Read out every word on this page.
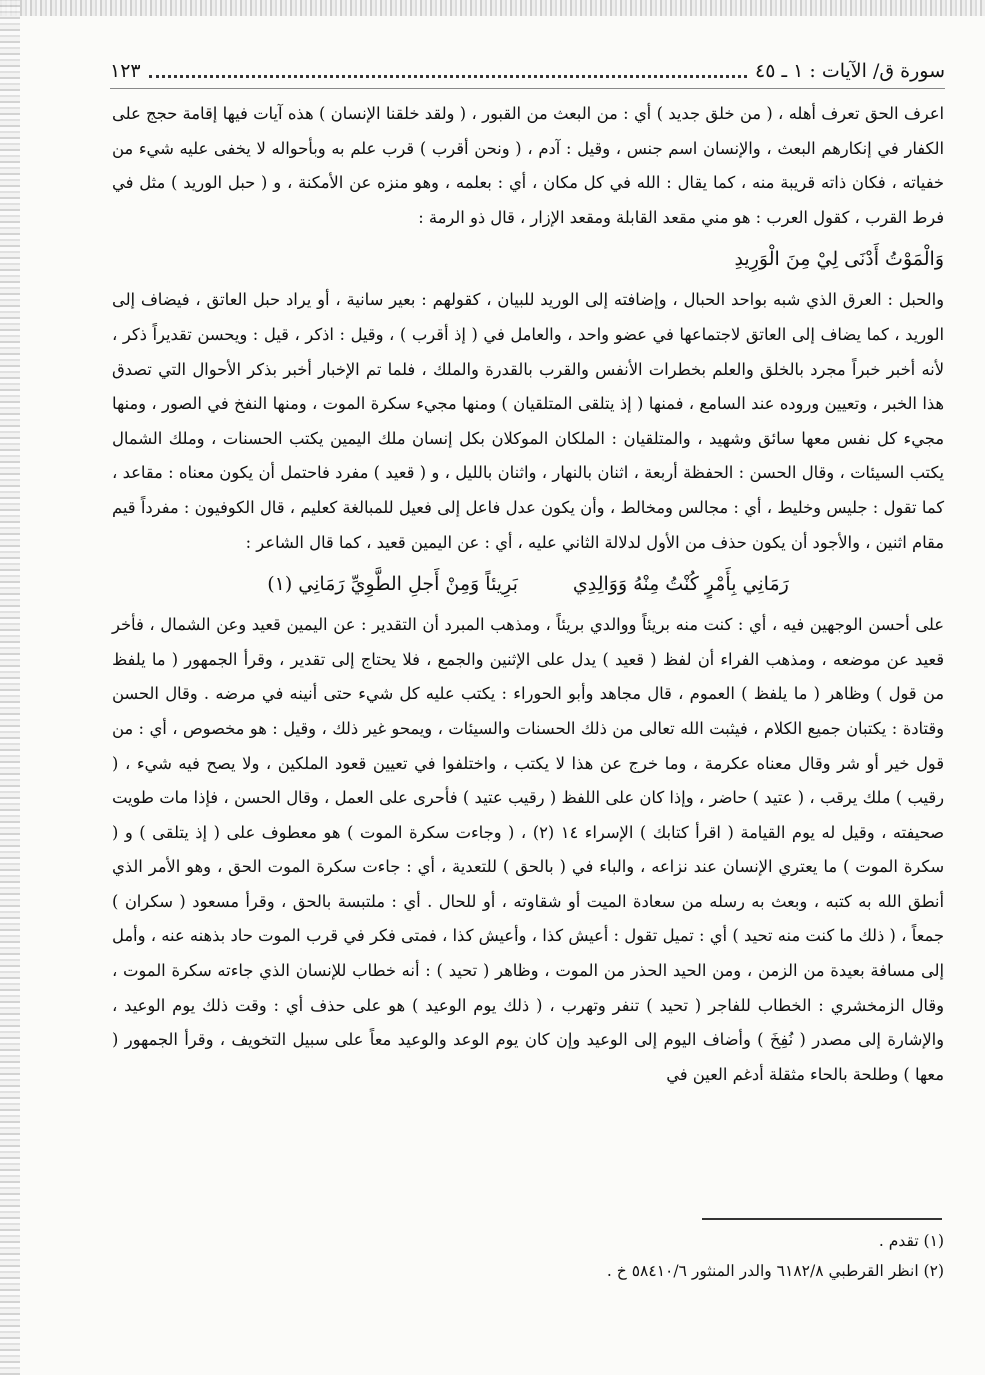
سورة ق/ الآيات : ١ ـ ٤٥
١٢٣

اعرف الحق تعرف أهله ، ( من خلق جديد ) أي : من البعث من القبور ، ( ولقد خلقنا الإنسان ) هذه آيات فيها إقامة حجج على الكفار في إنكارهم البعث ، والإنسان اسم جنس ، وقيل : آدم ، ( ونحن أقرب ) قرب علم به وبأحواله لا يخفى عليه شيء من خفياته ، فكان ذاته قريبة منه ، كما يقال : الله في كل مكان ، أي : بعلمه ، وهو منزه عن الأمكنة ، و ( حبل الوريد ) مثل في فرط القرب ، كقول العرب : هو مني مقعد القابلة ومقعد الإزار ، قال ذو الرمة :

وَالْمَوْتُ أَدْنَى لِيْ مِنَ الْوَرِيدِ

والحبل : العرق الذي شبه بواحد الحبال ، وإضافته إلى الوريد للبيان ، كقولهم : بعير سانية ، أو يراد حبل العاتق ، فيضاف إلى الوريد ، كما يضاف إلى العاتق لاجتماعها في عضو واحد ، والعامل في ( إذ أقرب ) ، وقيل : اذكر ، قيل : ويحسن تقديراً ذكر ، لأنه أخبر خبراً مجرد بالخلق والعلم بخطرات الأنفس والقرب بالقدرة والملك ، فلما تم الإخبار أخبر بذكر الأحوال التي تصدق هذا الخبر ، وتعيين وروده عند السامع ، فمنها ( إذ يتلقى المتلقيان ) ومنها مجيء سكرة الموت ، ومنها النفخ في الصور ، ومنها مجيء كل نفس معها سائق وشهيد ، والمتلقيان : الملكان الموكلان بكل إنسان ملك اليمين يكتب الحسنات ، وملك الشمال يكتب السيئات ، وقال الحسن : الحفظة أربعة ، اثنان بالنهار ، واثنان بالليل ، و ( قعيد ) مفرد فاحتمل أن يكون معناه : مقاعد ، كما تقول : جليس وخليط ، أي : مجالس ومخالط ، وأن يكون عدل فاعل إلى فعيل للمبالغة كعليم ، قال الكوفيون : مفرداً قيم مقام اثنين ، والأجود أن يكون حذف من الأول لدلالة الثاني عليه ، أي : عن اليمين قعيد ، كما قال الشاعر :

رَمَانِي بِأَمْرٍ كُنْتُ مِنْهُ وَوَالِدِي
بَرِيئاً وَمِنْ أَجلِ الطَّوِيِّ رَمَانِي (١)

على أحسن الوجهين فيه ، أي : كنت منه بريئاً ووالدي بريئاً ، ومذهب المبرد أن التقدير : عن اليمين قعيد وعن الشمال ، فأخر قعيد عن موضعه ، ومذهب الفراء أن لفظ ( قعيد ) يدل على الإثنين والجمع ، فلا يحتاج إلى تقدير ، وقرأ الجمهور ( ما يلفظ من قول ) وظاهر ( ما يلفظ ) العموم ، قال مجاهد وأبو الحوراء : يكتب عليه كل شيء حتى أنينه في مرضه . وقال الحسن وقتادة : يكتبان جميع الكلام ، فيثبت الله تعالى من ذلك الحسنات والسيئات ، ويمحو غير ذلك ، وقيل : هو مخصوص ، أي : من قول خير أو شر وقال معناه عكرمة ، وما خرج عن هذا لا يكتب ، واختلفوا في تعيين قعود الملكين ، ولا يصح فيه شيء ، ( رقيب ) ملك يرقب ، ( عتيد ) حاضر ، وإذا كان على اللفظ ( رقيب عتيد ) فأحرى على العمل ، وقال الحسن ، فإذا مات طويت صحيفته ، وقيل له يوم القيامة ( اقرأ كتابك ) الإسراء ١٤ (٢) ، ( وجاءت سكرة الموت ) هو معطوف على ( إذ يتلقى ) و ( سكرة الموت ) ما يعتري الإنسان عند نزاعه ، والباء في ( بالحق ) للتعدية ، أي : جاءت سكرة الموت الحق ، وهو الأمر الذي أنطق الله به كتبه ، وبعث به رسله من سعادة الميت أو شقاوته ، أو للحال . أي : ملتبسة بالحق ، وقرأ مسعود ( سكران ) جمعاً ، ( ذلك ما كنت منه تحيد ) أي : تميل تقول : أعيش كذا ، وأعيش كذا ، فمتى فكر في قرب الموت حاد بذهنه عنه ، وأمل إلى مسافة بعيدة من الزمن ، ومن الحيد الحذر من الموت ، وظاهر ( تحيد ) : أنه خطاب للإنسان الذي جاءته سكرة الموت ، وقال الزمخشري : الخطاب للفاجر ( تحيد ) تنفر وتهرب ، ( ذلك يوم الوعيد ) هو على حذف أي : وقت ذلك يوم الوعيد ، والإشارة إلى مصدر ( نُفِخَ ) وأضاف اليوم إلى الوعيد وإن كان يوم الوعد والوعيد معاً على سبيل التخويف ، وقرأ الجمهور ( معها ) وطلحة بالحاء مثقلة أدغم العين في

(١) تقدم .

(٢) انظر القرطبي ٦١٨٢/٨ والدر المنثور ٥٨٤١٠/٦ خ .
